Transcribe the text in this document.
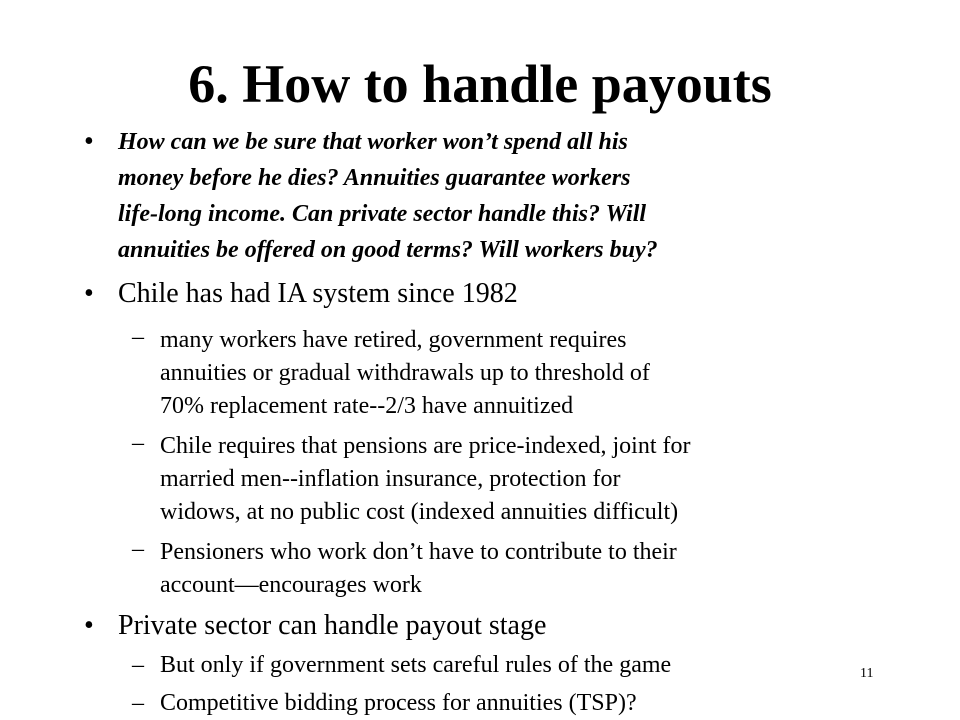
6. How to handle payouts
• How can we be sure that worker won’t spend all his
money before he dies? Annuities guarantee workers
life-long income. Can private sector handle this? Will
annuities be offered on good terms? Will workers buy?
• Chile has had IA system since 1982
– many workers have retired, government requires
annuities or gradual withdrawals up to threshold of
70% replacement rate--2/3 have annuitized
– Chile requires that pensions are price-indexed, joint for
married men--inflation insurance, protection for
widows, at no public cost (indexed annuities difficult)
– Pensioners who work don’t have to contribute to their
account—encourages work
• Private sector can handle payout stage
– But only if government sets careful rules of the game
– Competitive bidding process for annuities (TSP)?
11
